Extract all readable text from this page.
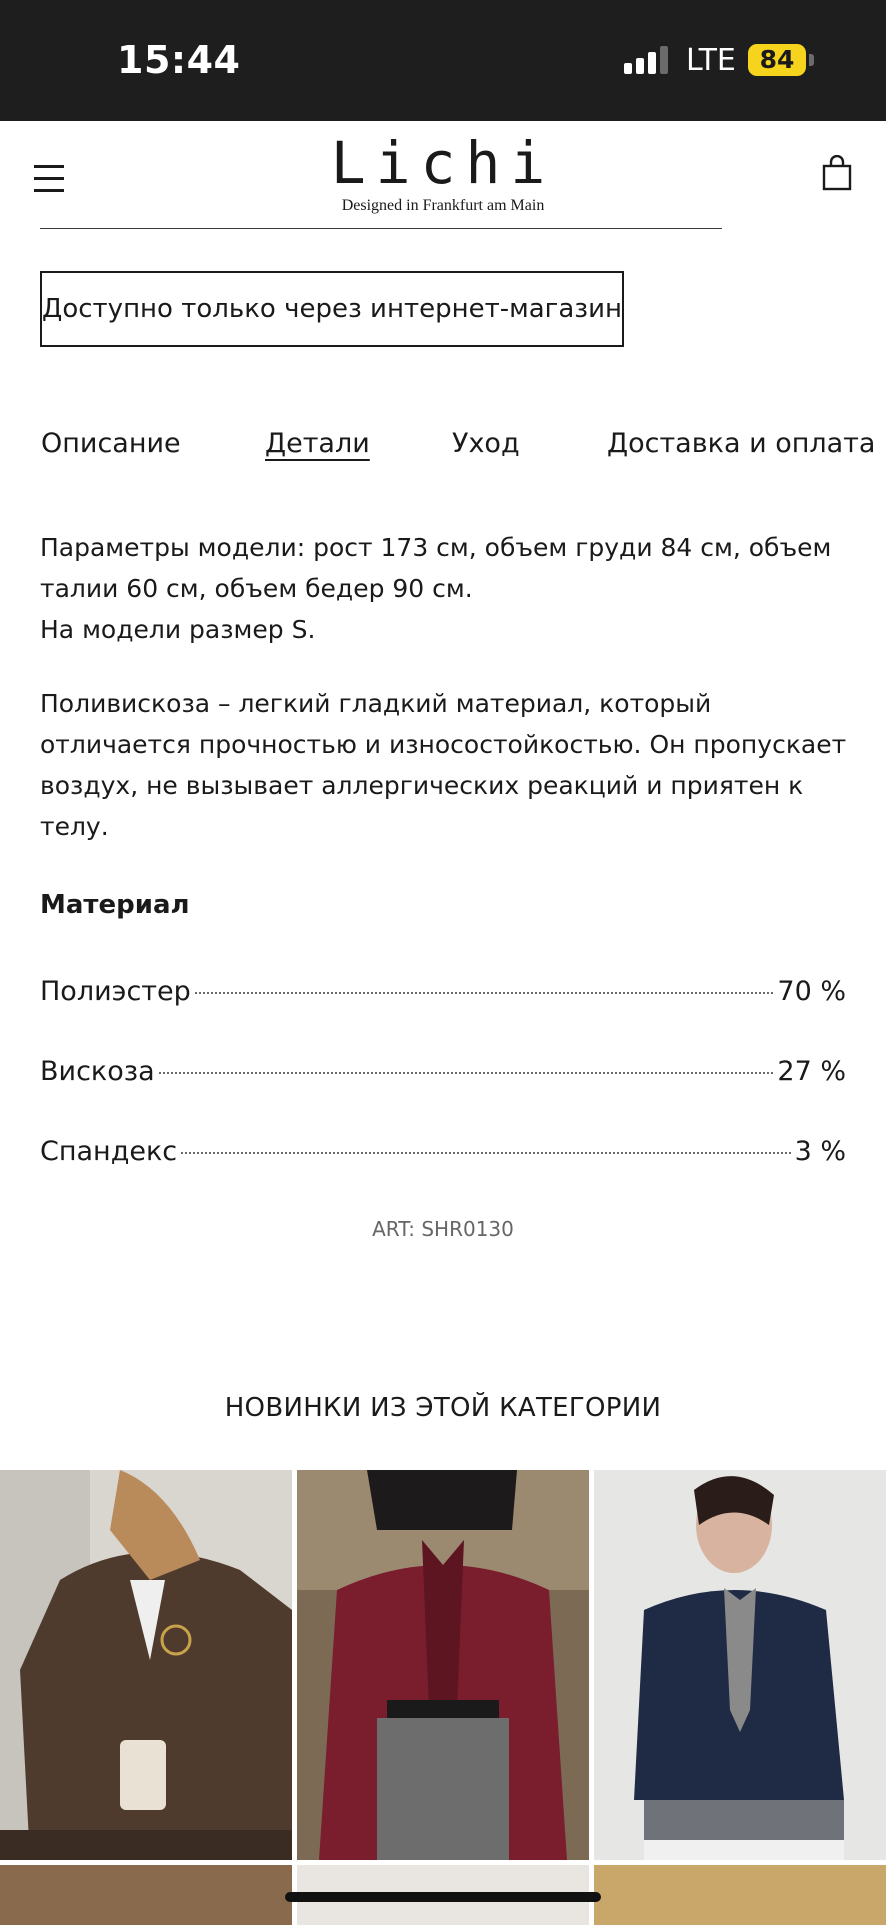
15:44	LTE 84
Lichi
Designed in Frankfurt am Main
Доступно только через интернет-магазин
Описание	Детали	Уход	Доставка и оплата

Параметры модели: рост 173 см, объем груди 84 см, объем талии 60 см, объем бедер 90 см.

На модели размер S.

Поливискоза – легкий гладкий материал, который отличается прочностью и износостойкостью. Он пропускает воздух, не вызывает аллергических реакций и приятен к телу.

Материал
Полиэстер	70 %
Вискоза	27 %
Спандекс	3 %
ART: SHR0130
НОВИНКИ ИЗ ЭТОЙ КАТЕГОРИИ
